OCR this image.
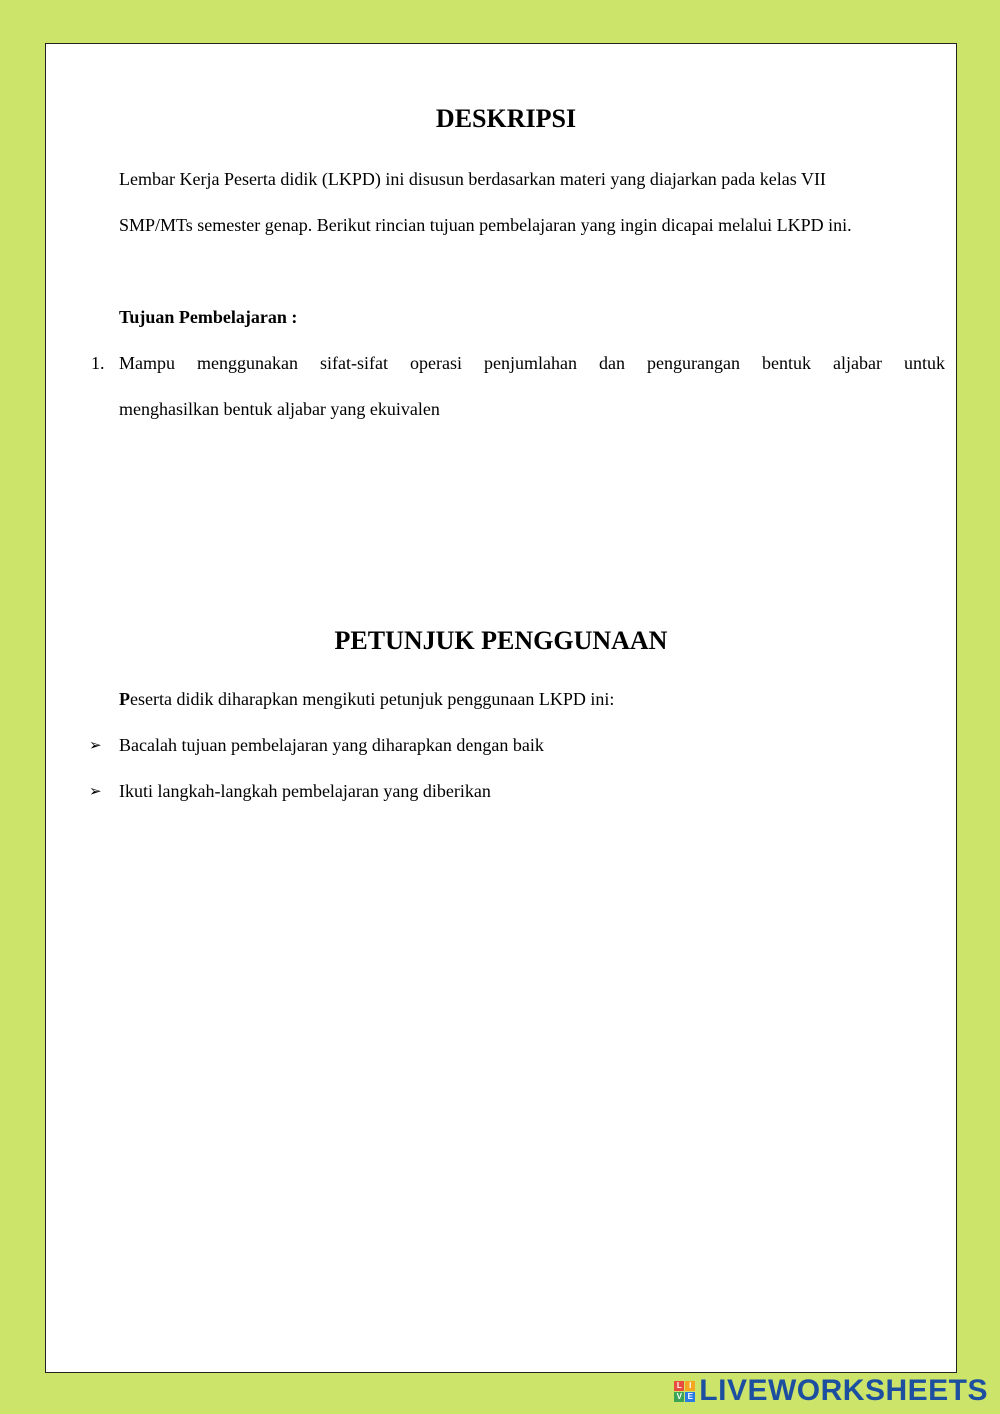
DESKRIPSI

Lembar Kerja Peserta didik (LKPD) ini disusun berdasarkan materi yang diajarkan pada kelas VII
SMP/MTs semester genap. Berikut rincian tujuan pembelajaran yang ingin dicapai melalui LKPD ini.

Tujuan Pembelajaran :

1. Mampu menggunakan sifat-sifat operasi penjumlahan dan pengurangan bentuk aljabar untuk
menghasilkan bentuk aljabar yang ekuivalen

PETUNJUK PENGGUNAAN

Peserta didik diharapkan mengikuti petunjuk penggunaan LKPD ini:

➢ Bacalah tujuan pembelajaran yang diharapkan dengan baik

➢ Ikuti langkah-langkah pembelajaran yang diberikan

L I
V E LIVEWORKSHEETS
